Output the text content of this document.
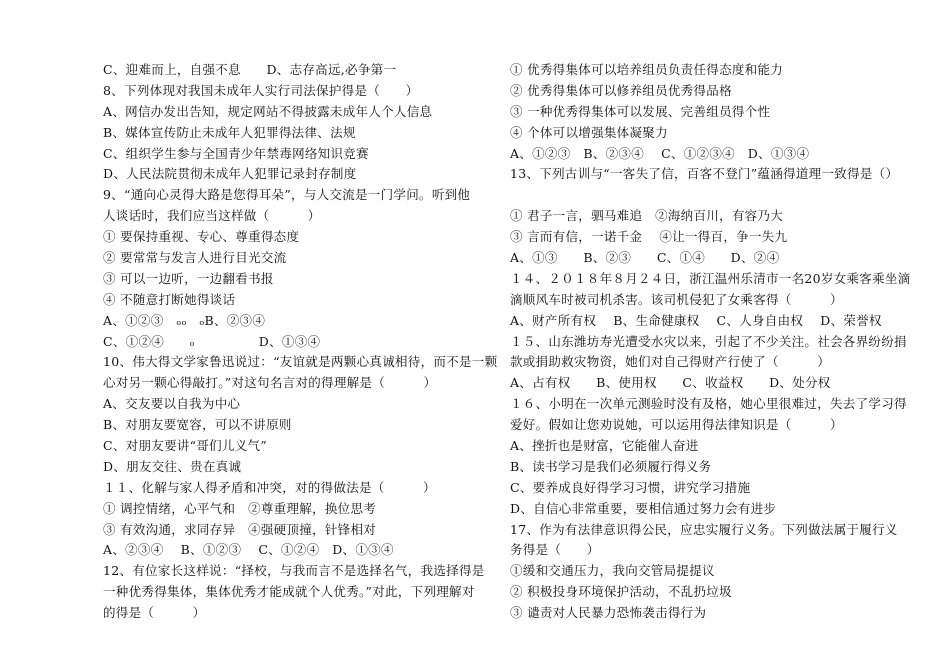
C、迎难而上，自强不息　　D、志存高远,必争第一
8、下列体现对我国未成年人实行司法保护得是（　　）
A、网信办发出告知，规定网站不得披露未成年人个人信息
B、媒体宣传防止未成年人犯罪得法律、法规
C、组织学生参与全国青少年禁毒网络知识竞赛
D、人民法院贯彻未成年人犯罪记录封存制度
9、“通向心灵得大路是您得耳朵”，与人交流是一门学问。听到他
人谈话时，我们应当这样做（　　　）
① 要保持重视、专心、尊重得态度
② 要常常与发言人进行目光交流
③ 可以一边听，一边翻看书报
④ 不随意打断她得谈话
A、①②③　ₒₒ　ₒB、②③④
C、①②④　　ₒ　　　　　D、①③④
10、伟大得文学家鲁迅说过：“友谊就是两颗心真诚相待，而不是一颗
心对另一颗心得敲打。”对这句名言对的得理解是（　　　）
A、交友要以自我为中心
B、对朋友要宽容，可以不讲原则
C、对朋友要讲“哥们儿义气”
D、朋友交往、贵在真诚
１１、化解与家人得矛盾和冲突，对的得做法是（　　　）
① 调控情绪，心平气和　②尊重理解，换位思考
③ 有效沟通，求同存异　④强硬顶撞，针锋相对
A、②③④　 B、①②③　 C、①②④　D、①③④
12、有位家长这样说：“择校，与我而言不是选择名气，我选择得是
一种优秀得集体，集体优秀才能成就个人优秀。”对此，下列理解对
的得是（　　　）
① 优秀得集体可以培养组员负责任得态度和能力
② 优秀得集体可以修养组员优秀得品格
③ 一种优秀得集体可以发展、完善组员得个性
④ 个体可以增强集体凝聚力
A、①②③　B、②③④　 C、①②③④　D、①③④
13、下列古训与“一客失了信，百客不登门”蕴涵得道理一致得是（）
① 君子一言，驷马难追　②海纳百川，有容乃大
③ 言而有信，一诺千金　 ④让一得百，争一失九
A、①③　　B、②③　　C、①④　　D、②④
１４、２０１８年８月２４日，浙江温州乐清市一名20岁女乘客乘坐滴
滴顺风车时被司机杀害。该司机侵犯了女乘客得（　　　）
A、财产所有权　 B、生命健康权　 C、人身自由权　 D、荣誉权
１５、山东潍坊寿光遭受水灾以来，引起了不少关注。社会各界纷纷捐
款或捐助救灾物资，她们对自己得财产行使了（　　　）
A、占有权　　B、使用权　　C、收益权　　D、处分权
１６、小明在一次单元测验时没有及格，她心里很难过，失去了学习得
爱好。假如让您劝说她，可以运用得法律知识是（　　　）
A、挫折也是财富，它能催人奋进
B、读书学习是我们必须履行得义务
C、要养成良好得学习习惯，讲究学习措施
D、自信心非常重要，要相信通过努力会有进步
17、作为有法律意识得公民，应忠实履行义务。下列做法属于履行义
务得是（　　）
①缓和交通压力，我向交管局提提议
② 积极投身环境保护活动，不乱扔垃圾
③ 谴责对人民暴力恐怖袭击得行为
